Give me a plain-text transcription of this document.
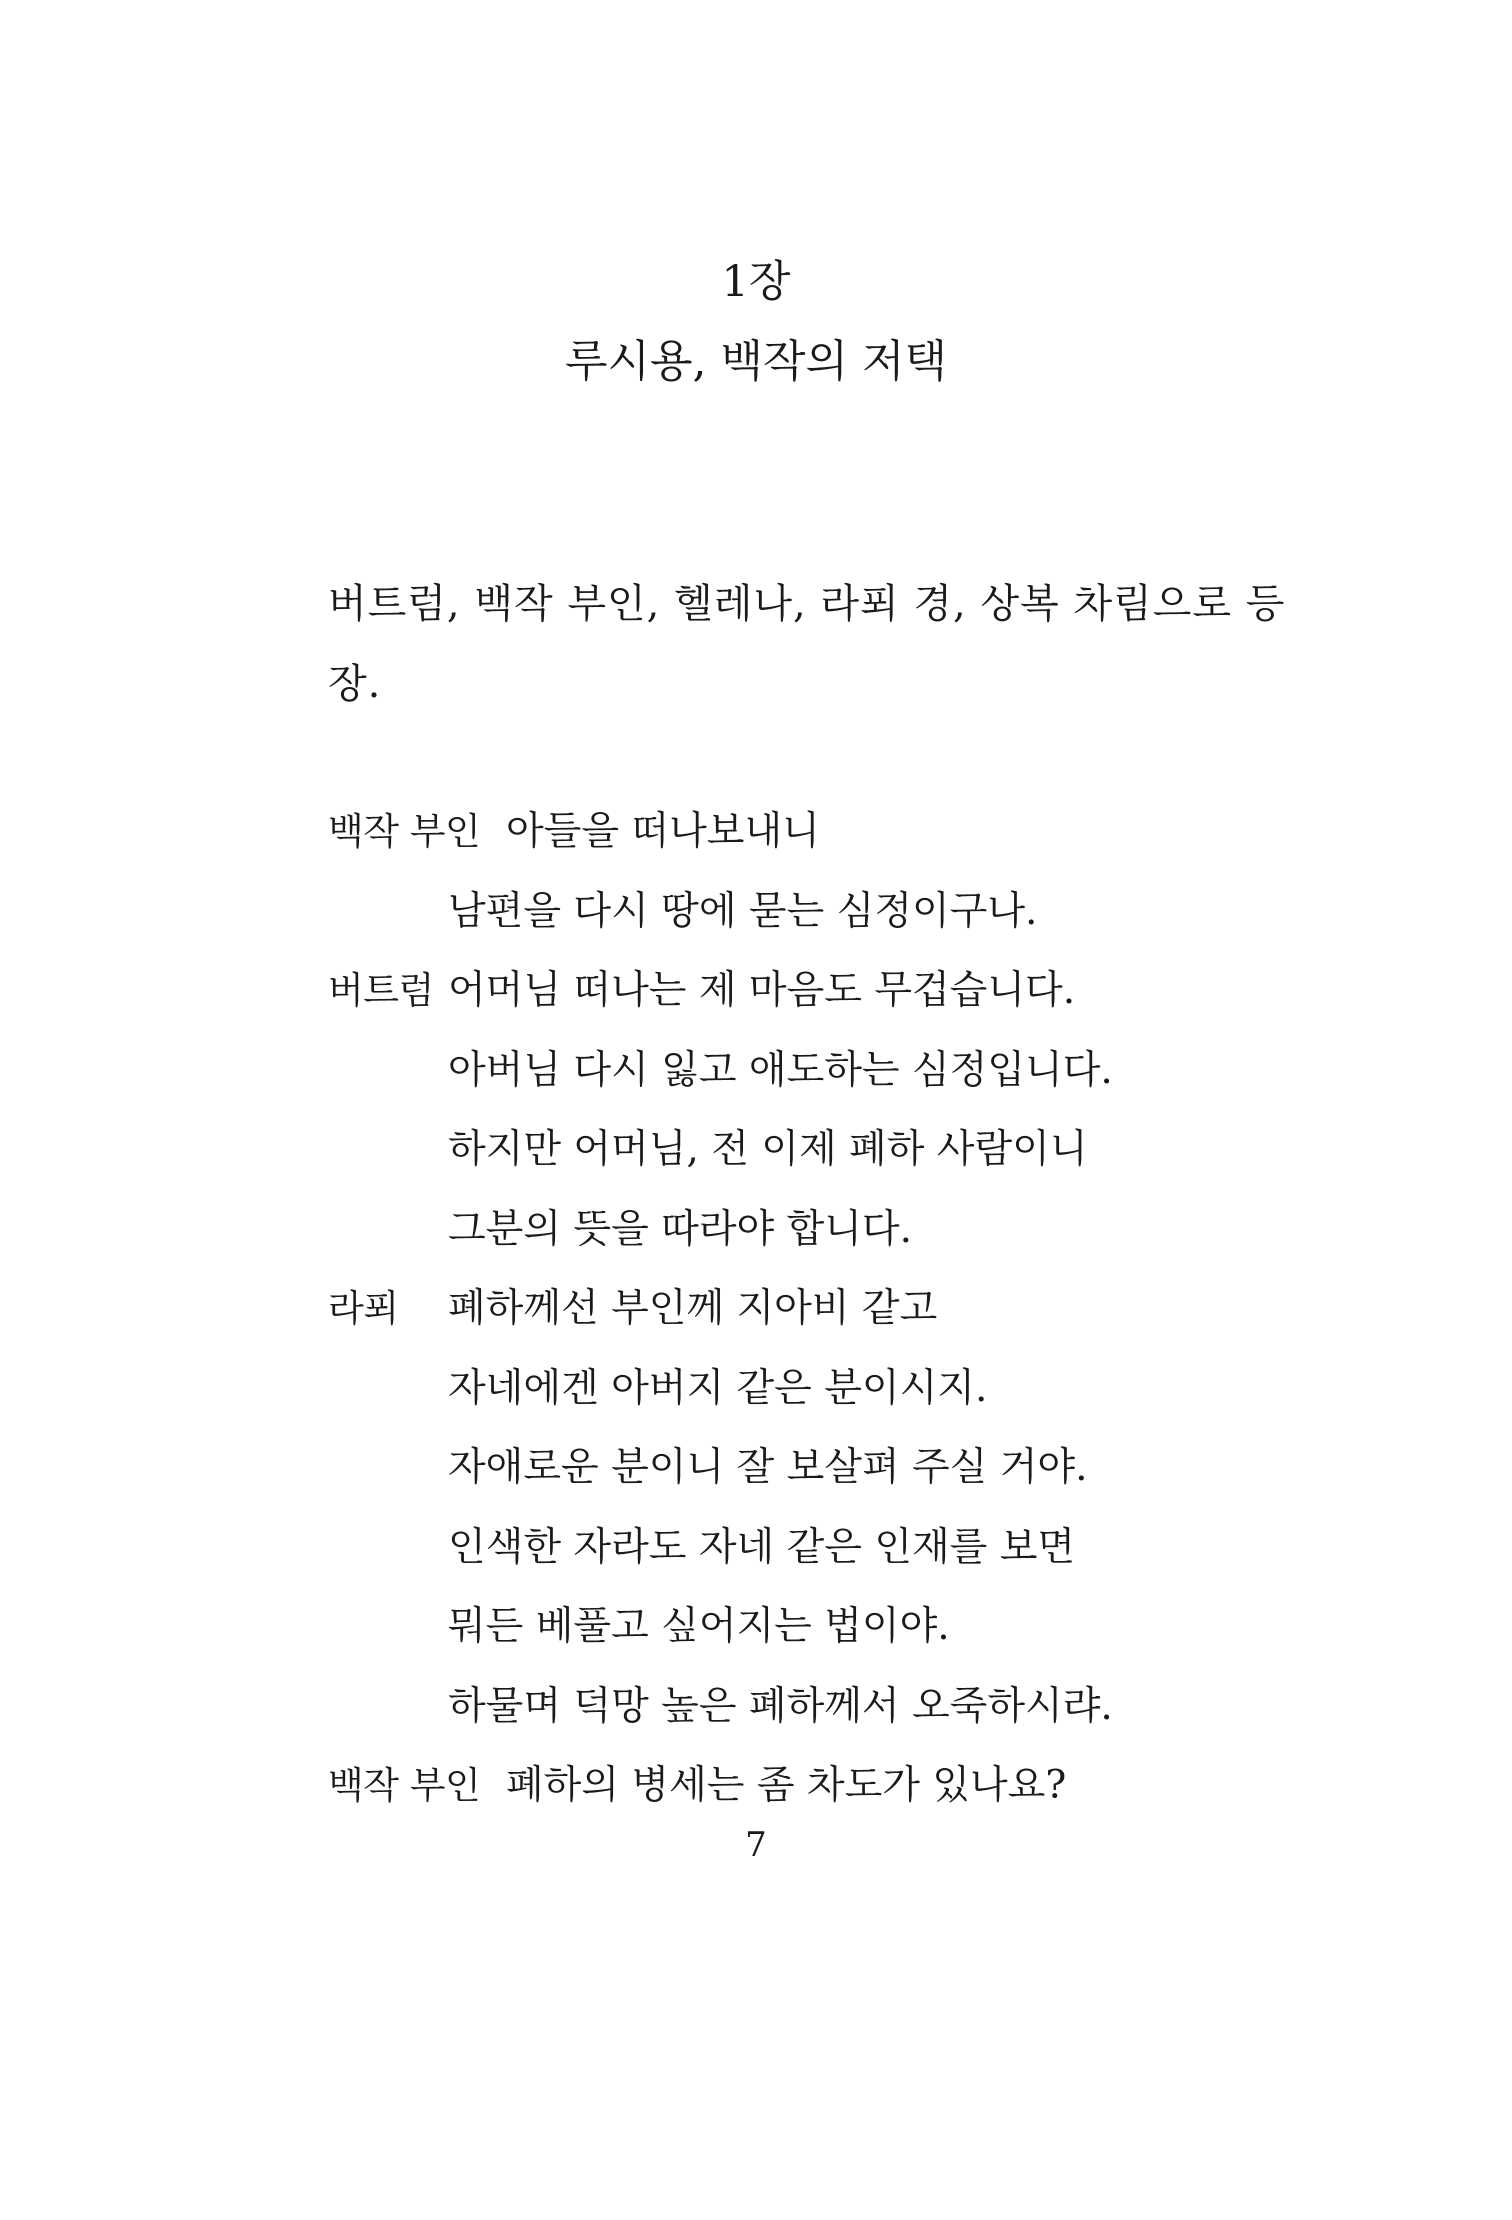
1장
루시용, 백작의 저택
버트럼, 백작 부인, 헬레나, 라푀 경, 상복 차림으로 등
장.
백작 부인 아들을 떠나보내니
남편을 다시 땅에 묻는 심정이구나.
버트럼 어머님 떠나는 제 마음도 무겁습니다.
아버님 다시 잃고 애도하는 심정입니다.
하지만 어머님, 전 이제 폐하 사람이니
그분의 뜻을 따라야 합니다.
라푀 폐하께선 부인께 지아비 같고
자네에겐 아버지 같은 분이시지.
자애로운 분이니 잘 보살펴 주실 거야.
인색한 자라도 자네 같은 인재를 보면
뭐든 베풀고 싶어지는 법이야.
하물며 덕망 높은 폐하께서 오죽하시랴.
백작 부인 폐하의 병세는 좀 차도가 있나요?
7
